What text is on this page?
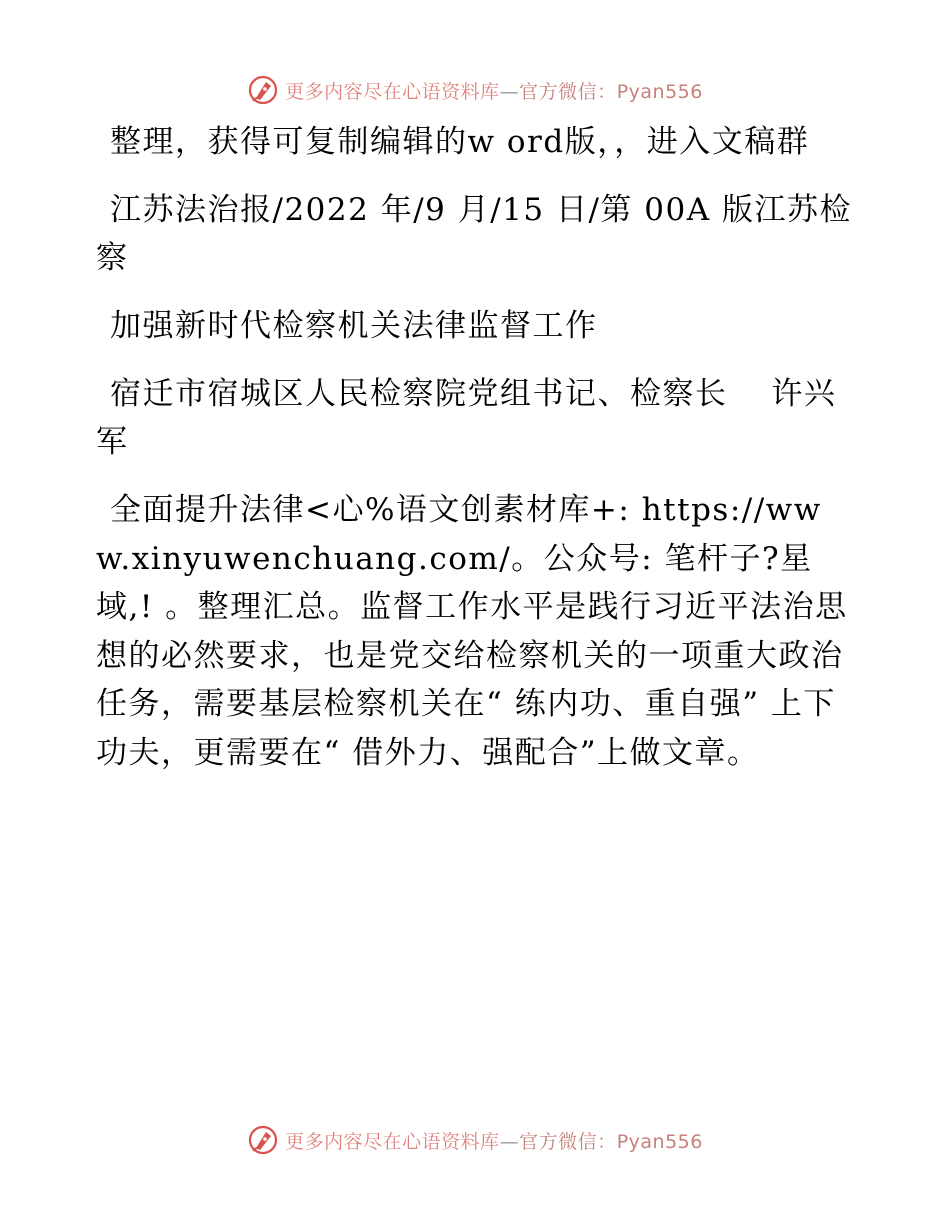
更多内容尽在心语资料库—官方微信：Pyan556

整理，获得可复制编辑的w ord版，，进入文稿群

江苏法治报/2022 年/9 月/15 日/第 00A 版江苏检察

加强新时代检察机关法律监督工作

宿迁市宿城区人民检察院党组书记、检察长　 许兴军

全面提升法律<心%语文创素材库+: https://www.xinyuwenchuang.com/。公众号: 笔杆子?星域,! 。整理汇总。监督工作水平是践行习近平法治思想的必然要求，也是党交给检察机关的一项重大政治任务，需要基层检察机关在“ 练内功、重自强” 上下功夫，更需要在“ 借外力、强配合”上做文章。

更多内容尽在心语资料库—官方微信：Pyan556
